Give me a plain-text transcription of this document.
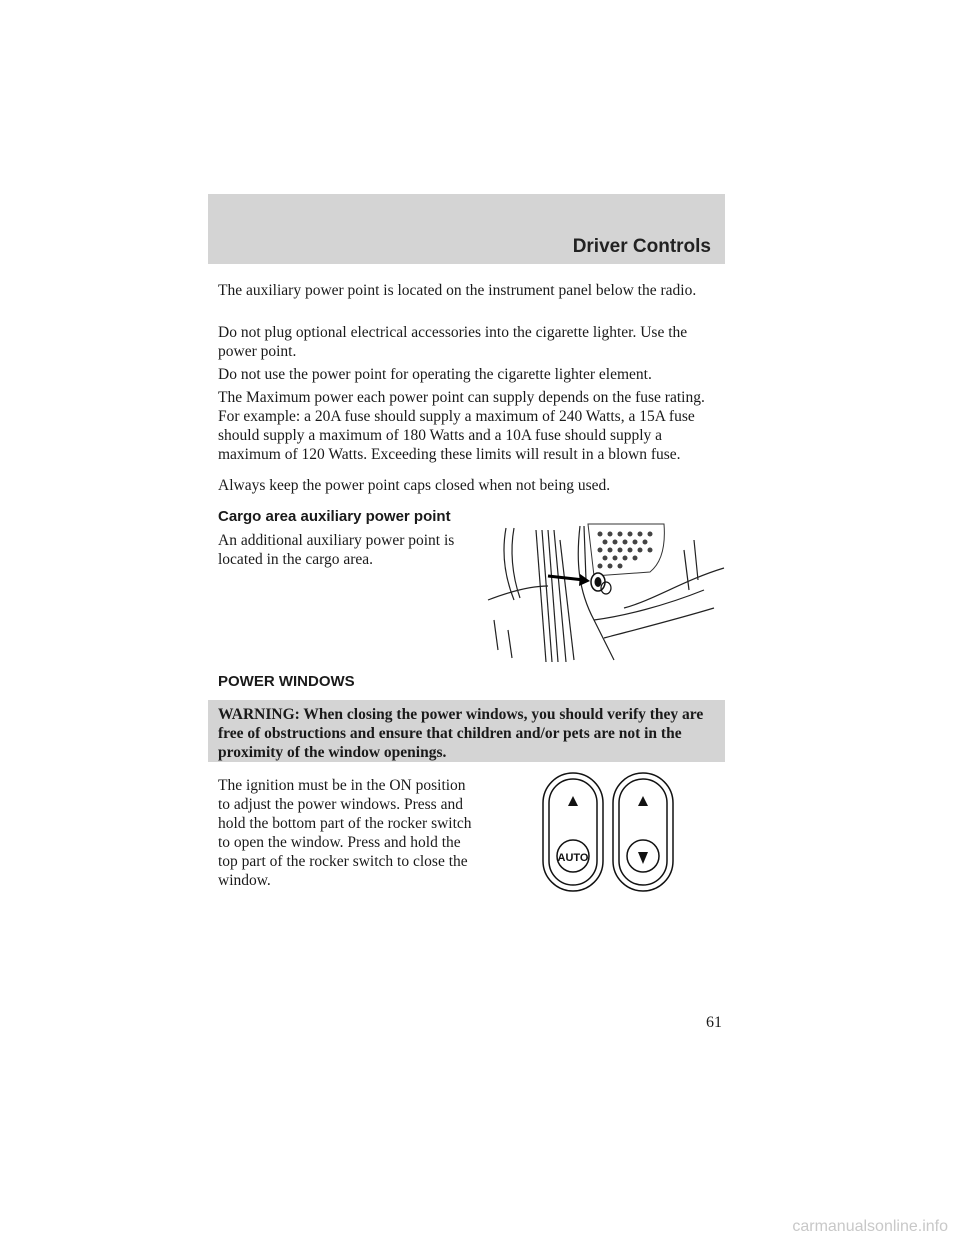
Driver Controls

The auxiliary power point is located on the instrument panel below the radio.

Do not plug optional electrical accessories into the cigarette lighter. Use the power point.

Do not use the power point for operating the cigarette lighter element.

The Maximum power each power point can supply depends on the fuse rating. For example: a 20A fuse should supply a maximum of 240 Watts, a 15A fuse should supply a maximum of 180 Watts and a 10A fuse should supply a maximum of 120 Watts. Exceeding these limits will result in a blown fuse.

Always keep the power point caps closed when not being used.

Cargo area auxiliary power point

An additional auxiliary power point is located in the cargo area.

POWER WINDOWS

WARNING: When closing the power windows, you should verify they are free of obstructions and ensure that children and/or pets are not in the proximity of the window openings.

The ignition must be in the ON position to adjust the power windows. Press and hold the bottom part of the rocker switch to open the window. Press and hold the top part of the rocker switch to close the window.

AUTO
61
carmanualsonline.info
